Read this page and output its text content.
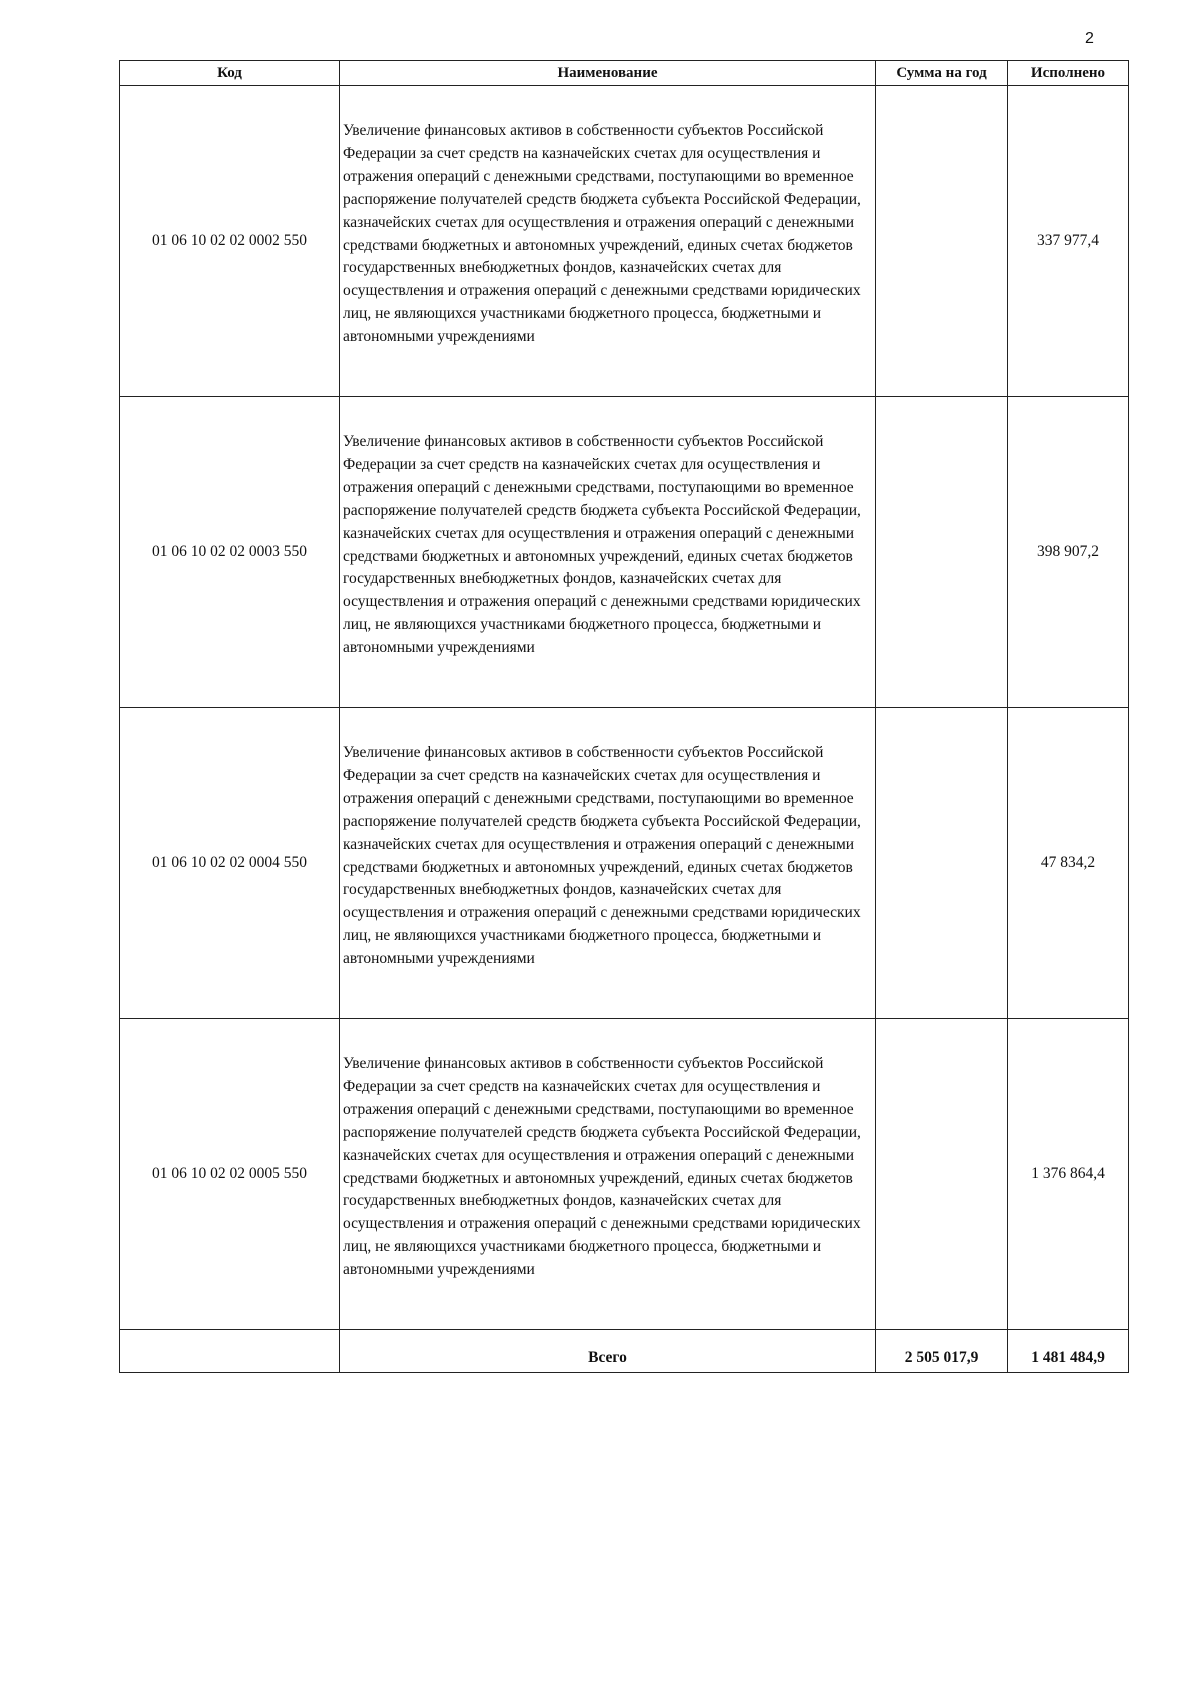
2
Код	Наименование	Сумма на год	Исполнено
01 06 10 02 02 0002 550	Увеличение финансовых активов в собственности субъектов Российской Федерации за счет средств на казначейских счетах для осуществления и отражения операций с денежными средствами, поступающими во временное распоряжение получателей средств бюджета субъекта Российской Федерации, казначейских счетах для осуществления и отражения операций с денежными средствами бюджетных и автономных учреждений, единых счетах бюджетов государственных внебюджетных фондов, казначейских счетах для осуществления и отражения операций с денежными средствами юридических лиц, не являющихся участниками бюджетного процесса, бюджетными и автономными учреждениями		337 977,4
01 06 10 02 02 0003 550	Увеличение финансовых активов в собственности субъектов Российской Федерации за счет средств на казначейских счетах для осуществления и отражения операций с денежными средствами, поступающими во временное распоряжение получателей средств бюджета субъекта Российской Федерации, казначейских счетах для осуществления и отражения операций с денежными средствами бюджетных и автономных учреждений, единых счетах бюджетов государственных внебюджетных фондов, казначейских счетах для осуществления и отражения операций с денежными средствами юридических лиц, не являющихся участниками бюджетного процесса, бюджетными и автономными учреждениями		398 907,2
01 06 10 02 02 0004 550	Увеличение финансовых активов в собственности субъектов Российской Федерации за счет средств на казначейских счетах для осуществления и отражения операций с денежными средствами, поступающими во временное распоряжение получателей средств бюджета субъекта Российской Федерации, казначейских счетах для осуществления и отражения операций с денежными средствами бюджетных и автономных учреждений, единых счетах бюджетов государственных внебюджетных фондов, казначейских счетах для осуществления и отражения операций с денежными средствами юридических лиц, не являющихся участниками бюджетного процесса, бюджетными и автономными учреждениями		47 834,2
01 06 10 02 02 0005 550	Увеличение финансовых активов в собственности субъектов Российской Федерации за счет средств на казначейских счетах для осуществления и отражения операций с денежными средствами, поступающими во временное распоряжение получателей средств бюджета субъекта Российской Федерации, казначейских счетах для осуществления и отражения операций с денежными средствами бюджетных и автономных учреждений, единых счетах бюджетов государственных внебюджетных фондов, казначейских счетах для осуществления и отражения операций с денежными средствами юридических лиц, не являющихся участниками бюджетного процесса, бюджетными и автономными учреждениями		1 376 864,4
	Всего	2 505 017,9	1 481 484,9
